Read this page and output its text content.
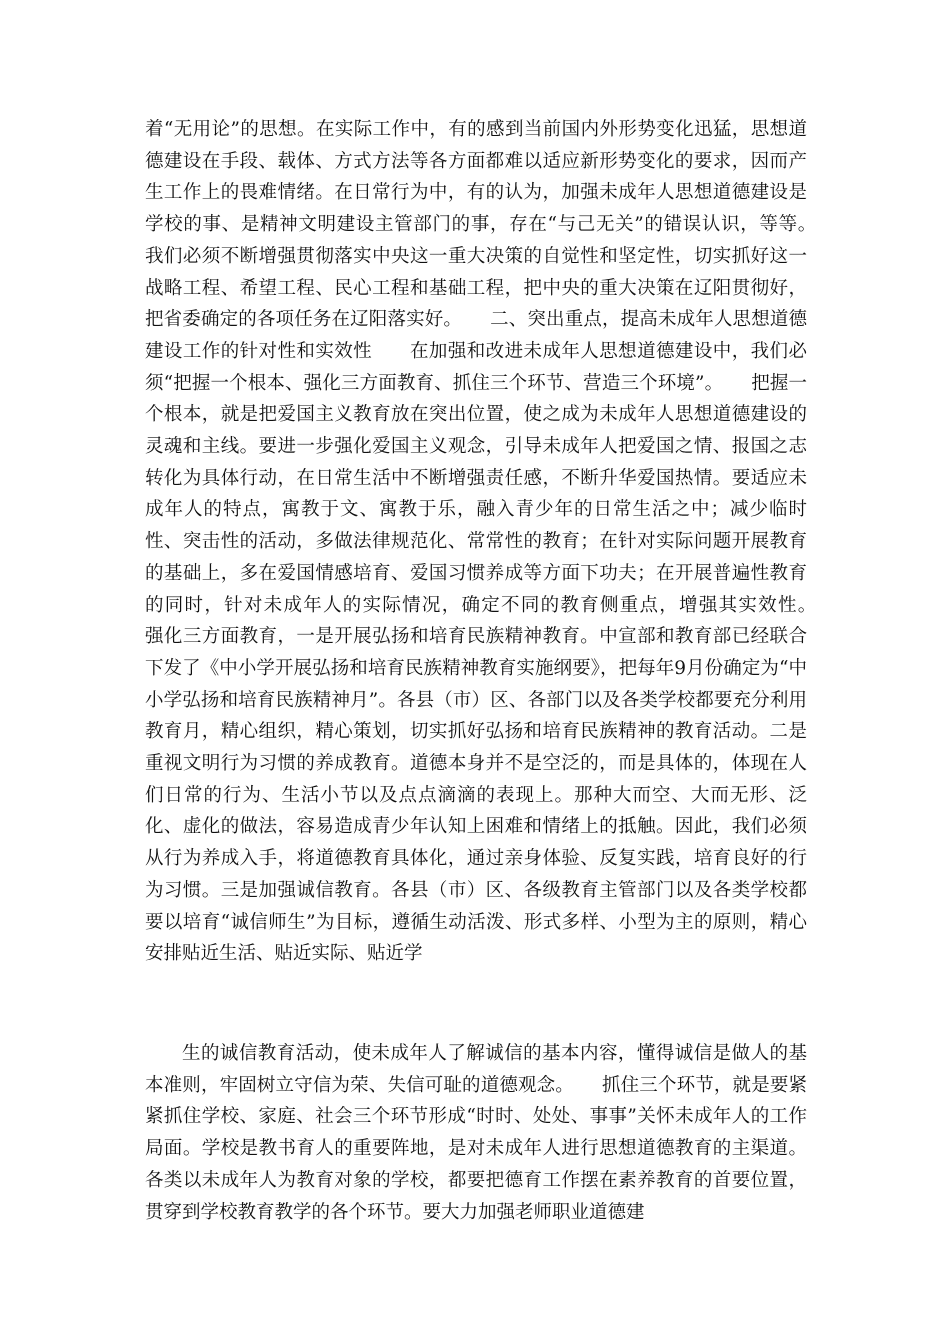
着“无用论”的思想。在实际工作中，有的感到当前国内外形势变化迅猛，思想道德建设在手段、载体、方式方法等各方面都难以适应新形势变化的要求，因而产生工作上的畏难情绪。在日常行为中，有的认为，加强未成年人思想道德建设是学校的事、是精神文明建设主管部门的事，存在“与己无关”的错误认识，等等。　　我们必须不断增强贯彻落实中央这一重大决策的自觉性和坚定性，切实抓好这一战略工程、希望工程、民心工程和基础工程，把中央的重大决策在辽阳贯彻好，把省委确定的各项任务在辽阳落实好。　　二、突出重点，提高未成年人思想道德建设工作的针对性和实效性　　在加强和改进未成年人思想道德建设中，我们必须“把握一个根本、强化三方面教育、抓住三个环节、营造三个环境”。　　把握一个根本，就是把爱国主义教育放在突出位置，使之成为未成年人思想道德建设的灵魂和主线。要进一步强化爱国主义观念，引导未成年人把爱国之情、报国之志转化为具体行动，在日常生活中不断增强责任感，不断升华爱国热情。要适应未成年人的特点，寓教于文、寓教于乐，融入青少年的日常生活之中；减少临时性、突击性的活动，多做法律规范化、常常性的教育；在针对实际问题开展教育的基础上，多在爱国情感培育、爱国习惯养成等方面下功夫；在开展普遍性教育的同时，针对未成年人的实际情况，确定不同的教育侧重点，增强其实效性。　　强化三方面教育，一是开展弘扬和培育民族精神教育。中宣部和教育部已经联合下发了《中小学开展弘扬和培育民族精神教育实施纲要》，把每年9月份确定为“中小学弘扬和培育民族精神月”。各县（市）区、各部门以及各类学校都要充分利用教育月，精心组织，精心策划，切实抓好弘扬和培育民族精神的教育活动。二是重视文明行为习惯的养成教育。道德本身并不是空泛的，而是具体的，体现在人们日常的行为、生活小节以及点点滴滴的表现上。那种大而空、大而无形、泛化、虚化的做法，容易造成青少年认知上困难和情绪上的抵触。因此，我们必须从行为养成入手，将道德教育具体化，通过亲身体验、反复实践，培育良好的行为习惯。三是加强诚信教育。各县（市）区、各级教育主管部门以及各类学校都要以培育“诚信师生”为目标，遵循生动活泼、形式多样、小型为主的原则，精心安排贴近生活、贴近实际、贴近学

生的诚信教育活动，使未成年人了解诚信的基本内容，懂得诚信是做人的基本准则，牢固树立守信为荣、失信可耻的道德观念。　　抓住三个环节，就是要紧紧抓住学校、家庭、社会三个环节形成“时时、处处、事事”关怀未成年人的工作局面。学校是教书育人的重要阵地，是对未成年人进行思想道德教育的主渠道。各类以未成年人为教育对象的学校，都要把德育工作摆在素养教育的首要位置，贯穿到学校教育教学的各个环节。要大力加强老师职业道德建
